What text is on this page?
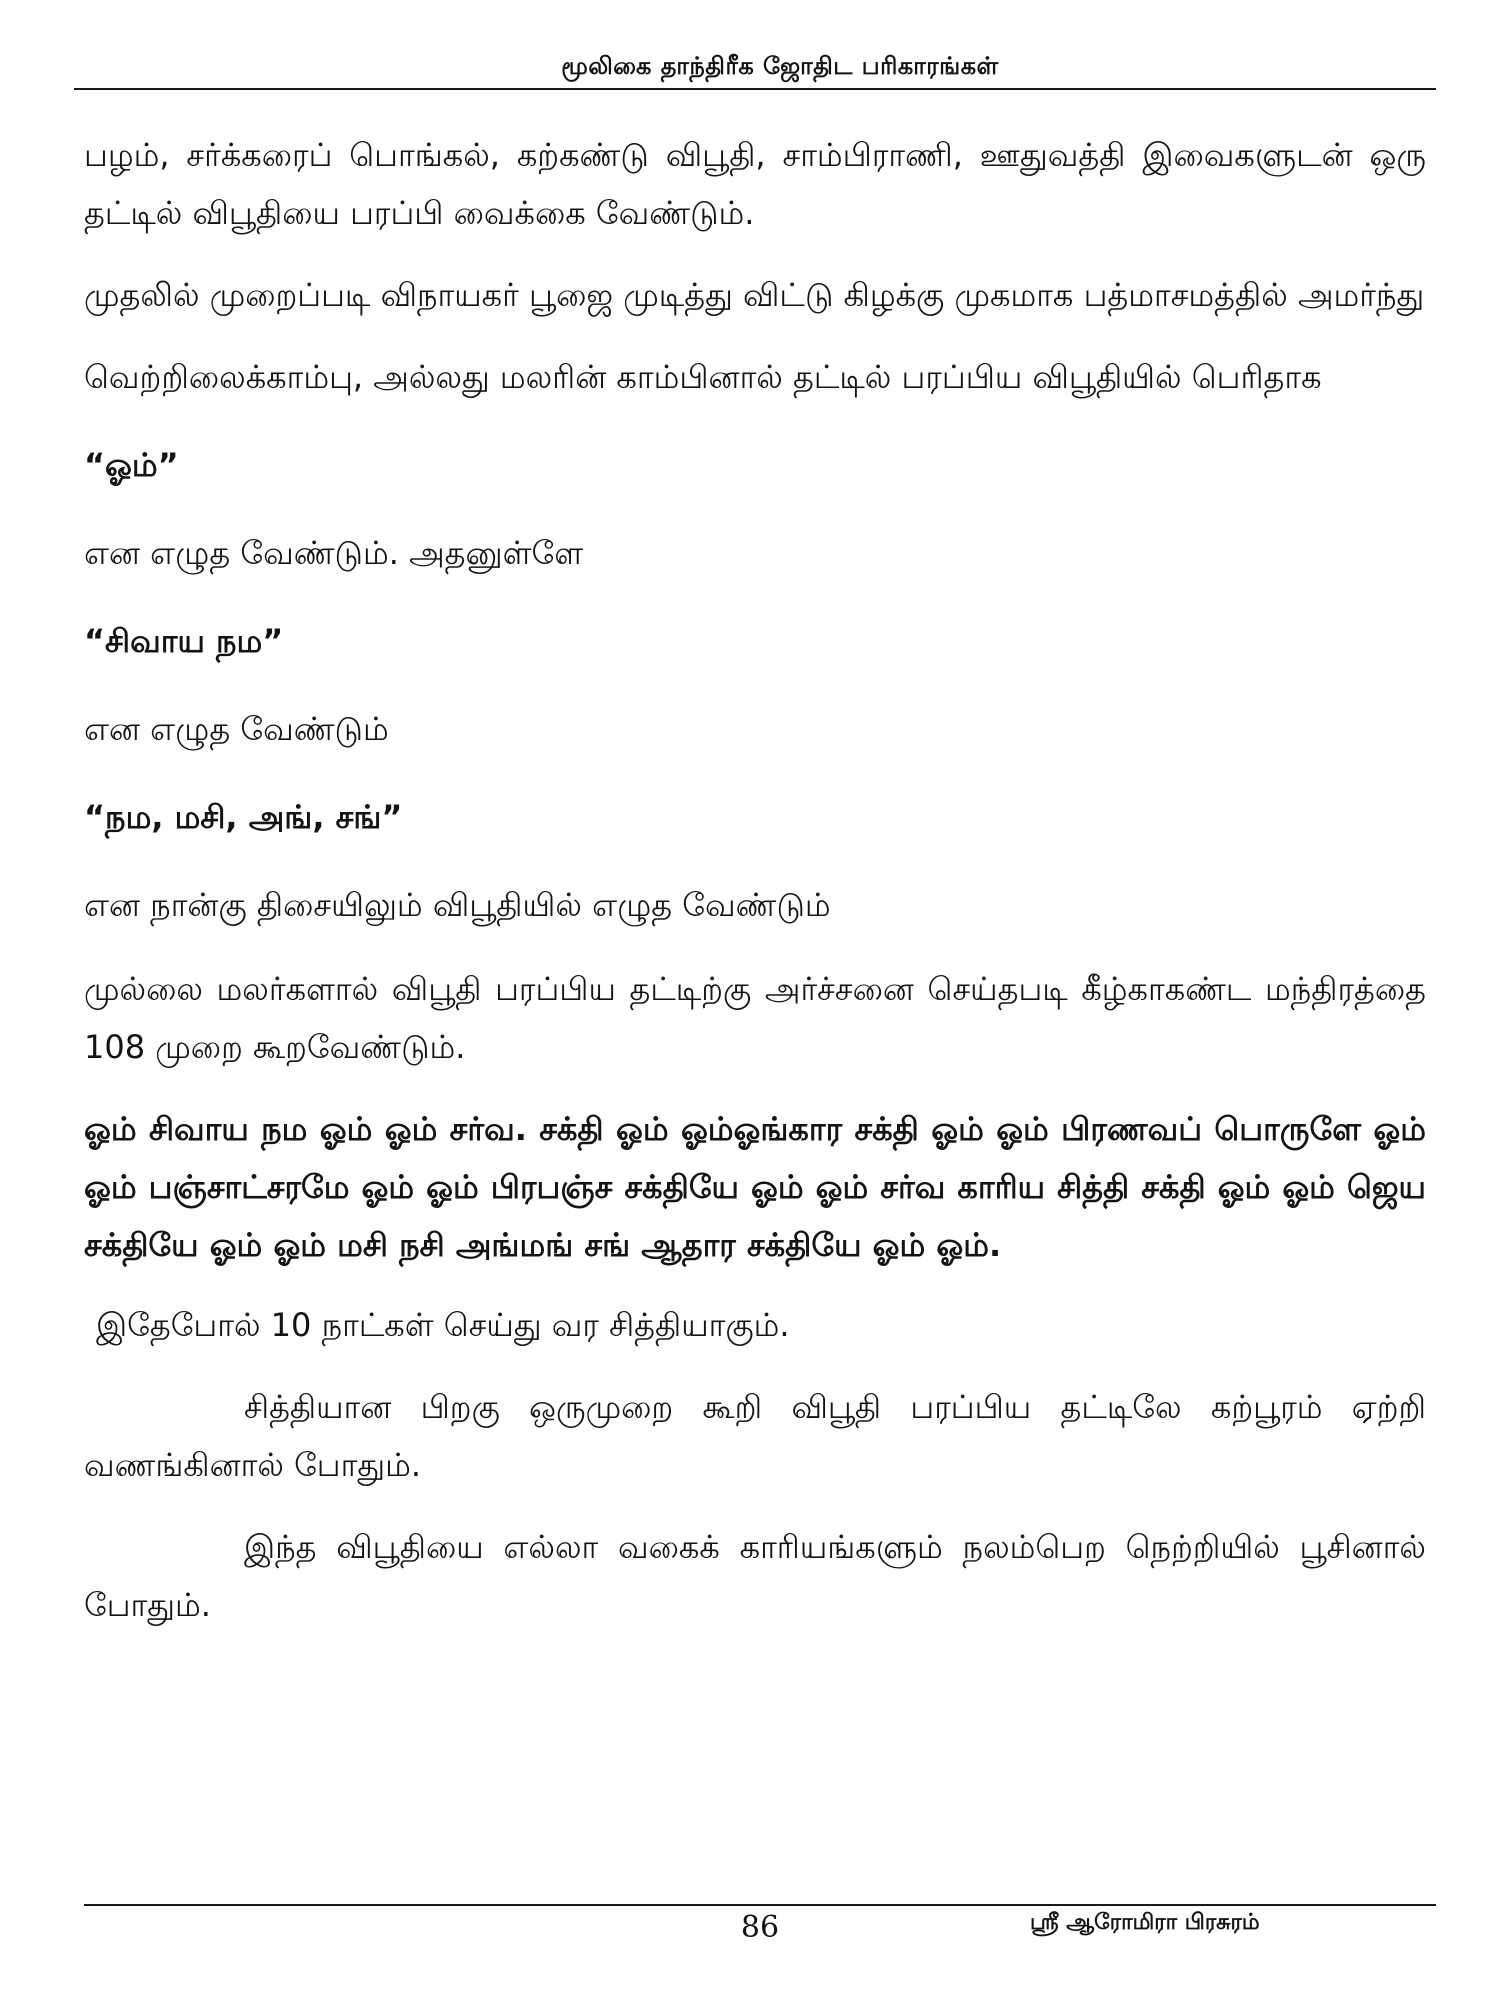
மூலிகை தாந்திரீக ஜோதிட பரிகாரங்கள்

பழம், சர்க்கரைப் பொங்கல், கற்கண்டு விபூதி, சாம்பிராணி, ஊதுவத்தி இவைகளுடன் ஒரு தட்டில் விபூதியை பரப்பி வைக்கை வேண்டும்.

முதலில் முறைப்படி விநாயகர் பூஜை முடித்து விட்டு கிழக்கு முகமாக பத்மாசமத்தில் அமர்ந்து

வெற்றிலைக்காம்பு, அல்லது மலரின் காம்பினால் தட்டில் பரப்பிய விபூதியில் பெரிதாக

“ஓம்”

என எழுத வேண்டும். அதனுள்ளே

“சிவாய நம”

என எழுத வேண்டும்

“நம, மசி, அங், சங்”

என நான்கு திசையிலும் விபூதியில் எழுத வேண்டும்

முல்லை மலர்களால் விபூதி பரப்பிய தட்டிற்கு அர்ச்சனை செய்தபடி கீழ்காகண்ட மந்திரத்தை 108 முறை கூறவேண்டும்.

ஓம் சிவாய நம ஓம் ஓம் சர்வ. சக்தி ஓம் ஓம்ஓங்கார சக்தி ஓம் ஓம் பிரணவப் பொருளே ஓம் ஓம் பஞ்சாட்சரமே ஓம் ஓம் பிரபஞ்ச சக்தியே ஓம் ஓம் சர்வ காரிய சித்தி சக்தி ஓம் ஓம் ஜெய சக்தியே ஓம் ஓம் மசி நசி அங்மங் சங் ஆதார சக்தியே ஓம் ஓம்.

இதேபோல் 10 நாட்கள் செய்து வர சித்தியாகும்.

சித்தியான பிறகு ஒருமுறை கூறி விபூதி பரப்பிய தட்டிலே கற்பூரம் ஏற்றி வணங்கினால் போதும்.

இந்த விபூதியை எல்லா வகைக் காரியங்களும் நலம்பெற நெற்றியில் பூசினால் போதும்.

86	ஸ்ரீ ஆரோமிரா பிரசுரம்
